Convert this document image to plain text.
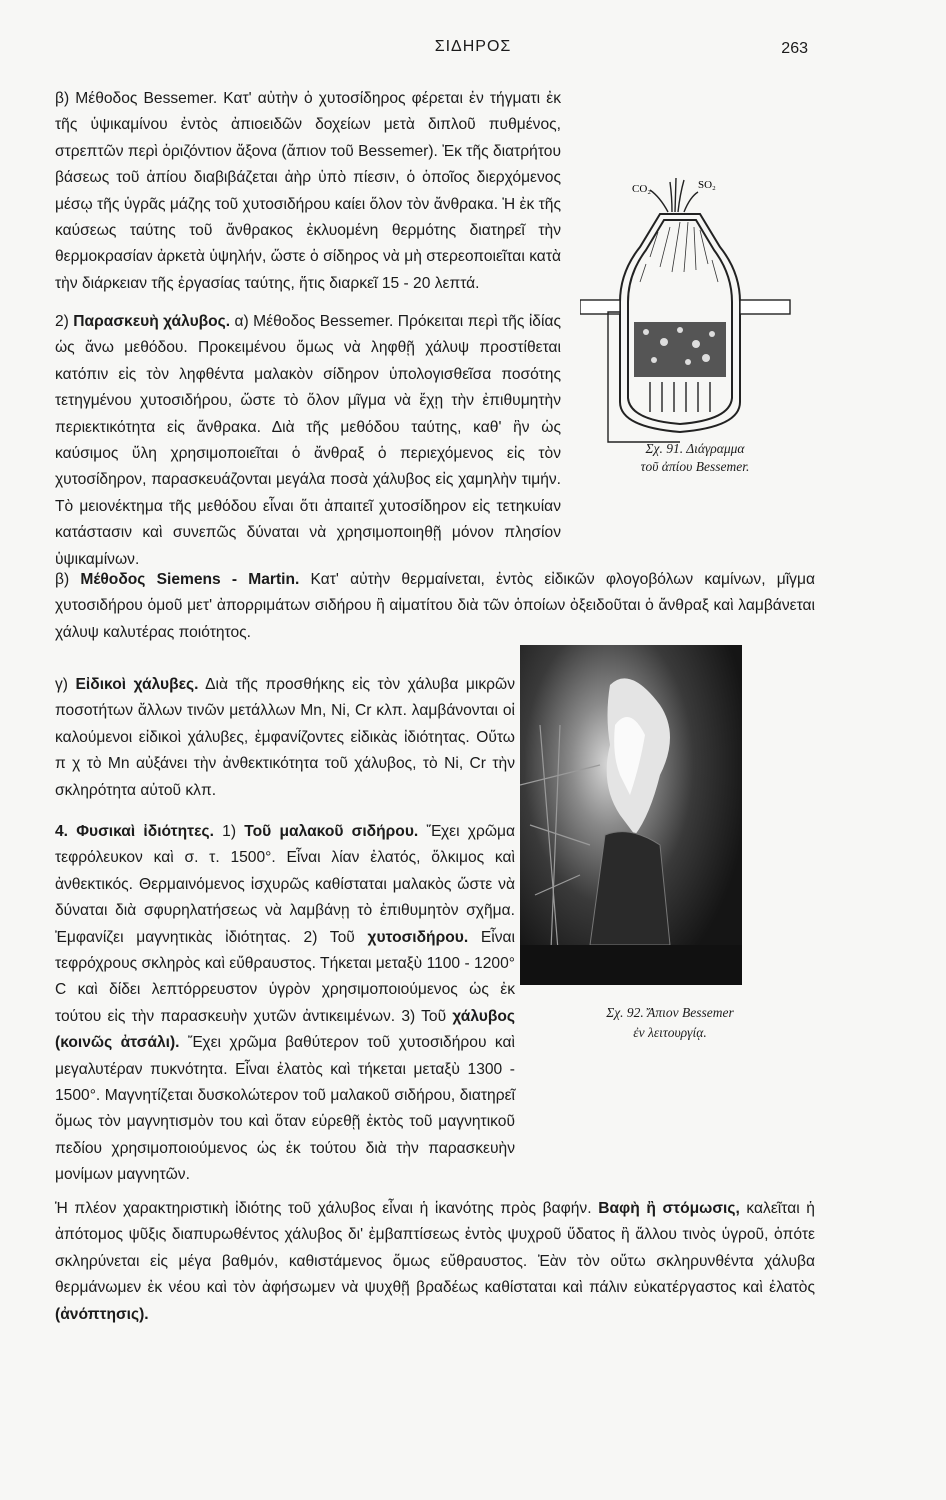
ΣΙΔΗΡΟΣ	263

β) Μέθοδος Bessemer. Κατ' αὐτὴν ὁ χυτοσίδηρος φέρεται ἐν τήγματι ἐκ τῆς ὑψικαμίνου ἐντὸς ἀπιοειδῶν δοχείων μετὰ διπλοῦ πυθμένος, στρεπτῶν περὶ ὁριζόντιον ἄξονα (ἄπιον τοῦ Bessemer). Ἐκ τῆς διατρήτου βάσεως τοῦ ἀπίου διαβιβάζεται ἀὴρ ὑπὸ πίεσιν, ὁ ὁποῖος διερχόμενος μέσῳ τῆς ὑγρᾶς μάζης τοῦ χυτοσιδήρου καίει ὅλον τὸν ἄνθρακα. Ἡ ἐκ τῆς καύσεως ταύτης τοῦ ἄνθρακος ἐκλυομένη θερμότης διατηρεῖ τὴν θερμοκρασίαν ἀρκετὰ ὑψηλήν, ὥστε ὁ σίδηρος νὰ μὴ στερεοποιεῖται κατὰ τὴν διάρκειαν τῆς ἐργασίας ταύτης, ἥτις διαρκεῖ 15 - 20 λεπτά.

2) Παρασκευὴ χάλυβος. α) Μέθοδος Bessemer. Πρόκειται περὶ τῆς ἰδίας ὡς ἄνω μεθόδου. Προκειμένου ὅμως νὰ ληφθῇ χάλυψ προστίθεται κατόπιν εἰς τὸν ληφθέντα μαλακὸν σίδηρον ὑπολογισθεῖσα ποσότης τετηγμένου χυτοσιδήρου, ὥστε τὸ ὅλον μῖγμα νὰ ἔχῃ τὴν ἐπιθυμητὴν περιεκτικότητα εἰς ἄνθρακα. Διὰ τῆς μεθόδου ταύτης, καθ' ἣν ὡς καύσιμος ὕλη χρησιμοποιεῖται ὁ ἄνθραξ ὁ περιεχόμενος εἰς τὸν χυτοσίδηρον, παρασκευάζονται μεγάλα ποσὰ χάλυβος εἰς χαμηλὴν τιμήν. Τὸ μειονέκτημα τῆς μεθόδου εἶναι ὅτι ἀπαιτεῖ χυτοσίδηρον εἰς τετηκυίαν κατάστασιν καὶ συνεπῶς δύναται νὰ χρησιμοποιηθῇ μόνον πλησίον ὑψικαμίνων.

β) Μέθοδος Siemens - Martin. Κατ' αὐτὴν θερμαίνεται, ἐντὸς εἰδικῶν φλογοβόλων καμίνων, μῖγμα χυτοσιδήρου ὁμοῦ μετ' ἀπορριμάτων σιδήρου ἢ αἱματίτου διὰ τῶν ὁποίων ὀξειδοῦται ὁ ἄνθραξ καὶ λαμβάνεται χάλυψ καλυτέρας ποιότητος.

γ) Εἰδικοὶ χάλυβες. Διὰ τῆς προσθήκης εἰς τὸν χάλυβα μικρῶν ποσοτήτων ἄλλων τινῶν μετάλλων Mn, Ni, Cr κλπ. λαμβάνονται οἱ καλούμενοι εἰδικοὶ χάλυβες, ἐμφανίζοντες εἰδικὰς ἰδιότητας. Οὕτω π χ τὸ Mn αὐξάνει τὴν ἀνθεκτικότητα τοῦ χάλυβος, τὸ Ni, Cr τὴν σκληρότητα αὐτοῦ κλπ.

4. Φυσικαὶ ἰδιότητες. 1) Τοῦ μαλακοῦ σιδήρου. Ἔχει χρῶμα τεφρόλευκον καὶ σ. τ. 1500°. Εἶναι λίαν ἐλατός, ὅλκιμος καὶ ἀνθεκτικός. Θερμαινόμενος ἰσχυρῶς καθίσταται μαλακὸς ὥστε νὰ δύναται διὰ σφυρηλατήσεως νὰ λαμβάνῃ τὸ ἐπιθυμητὸν σχῆμα. Ἐμφανίζει μαγνητικὰς ἰδιότητας. 2) Τοῦ χυτοσιδήρου. Εἶναι τεφρόχρους σκληρὸς καὶ εὔθραυστος. Τήκεται μεταξὺ 1100 - 1200° C καὶ δίδει λεπτόρρευστον ὑγρὸν χρησιμοποιούμενος ὡς ἐκ τούτου εἰς τὴν παρασκευὴν χυτῶν ἀντικειμένων. 3) Τοῦ χάλυβος (κοινῶς ἀτσάλι). Ἔχει χρῶμα βαθύτερον τοῦ χυτοσιδήρου καὶ μεγαλυτέραν πυκνότητα. Εἶναι ἐλατὸς καὶ τήκεται μεταξὺ 1300 - 1500°. Μαγνητίζεται δυσκολώτερον τοῦ μαλακοῦ σιδήρου, διατηρεῖ ὅμως τὸν μαγνητισμὸν του καὶ ὅταν εὑρεθῇ ἐκτὸς τοῦ μαγνητικοῦ πεδίου χρησιμοποιούμενος ὡς ἐκ τούτου διὰ τὴν παρασκευὴν μονίμων μαγνητῶν.

Ἡ πλέον χαρακτηριστικὴ ἰδιότης τοῦ χάλυβος εἶναι ἡ ἱκανότης πρὸς βαφήν. Βαφὴ ἢ στόμωσις, καλεῖται ἡ ἀπότομος ψῦξις διαπυρωθέντος χάλυβος δι' ἐμβαπτίσεως ἐντὸς ψυχροῦ ὕδατος ἢ ἄλλου τινὸς ὑγροῦ, ὁπότε σκληρύνεται εἰς μέγα βαθμόν, καθιστάμενος ὅμως εὔθραυστος. Ἐὰν τὸν οὕτω σκληρυνθέντα χάλυβα θερμάνωμεν ἐκ νέου καὶ τὸν ἀφήσωμεν νὰ ψυχθῇ βραδέως καθίσταται καὶ πάλιν εὐκατέργαστος καὶ ἐλατὸς (ἀνόπτησις).

CO₂	SO₂
Σχ. 91. Διάγραμμα
τοῦ ἀπίου Bessemer.
Σχ. 92. Ἄπιον Bessemer
ἐν λειτουργίᾳ.
